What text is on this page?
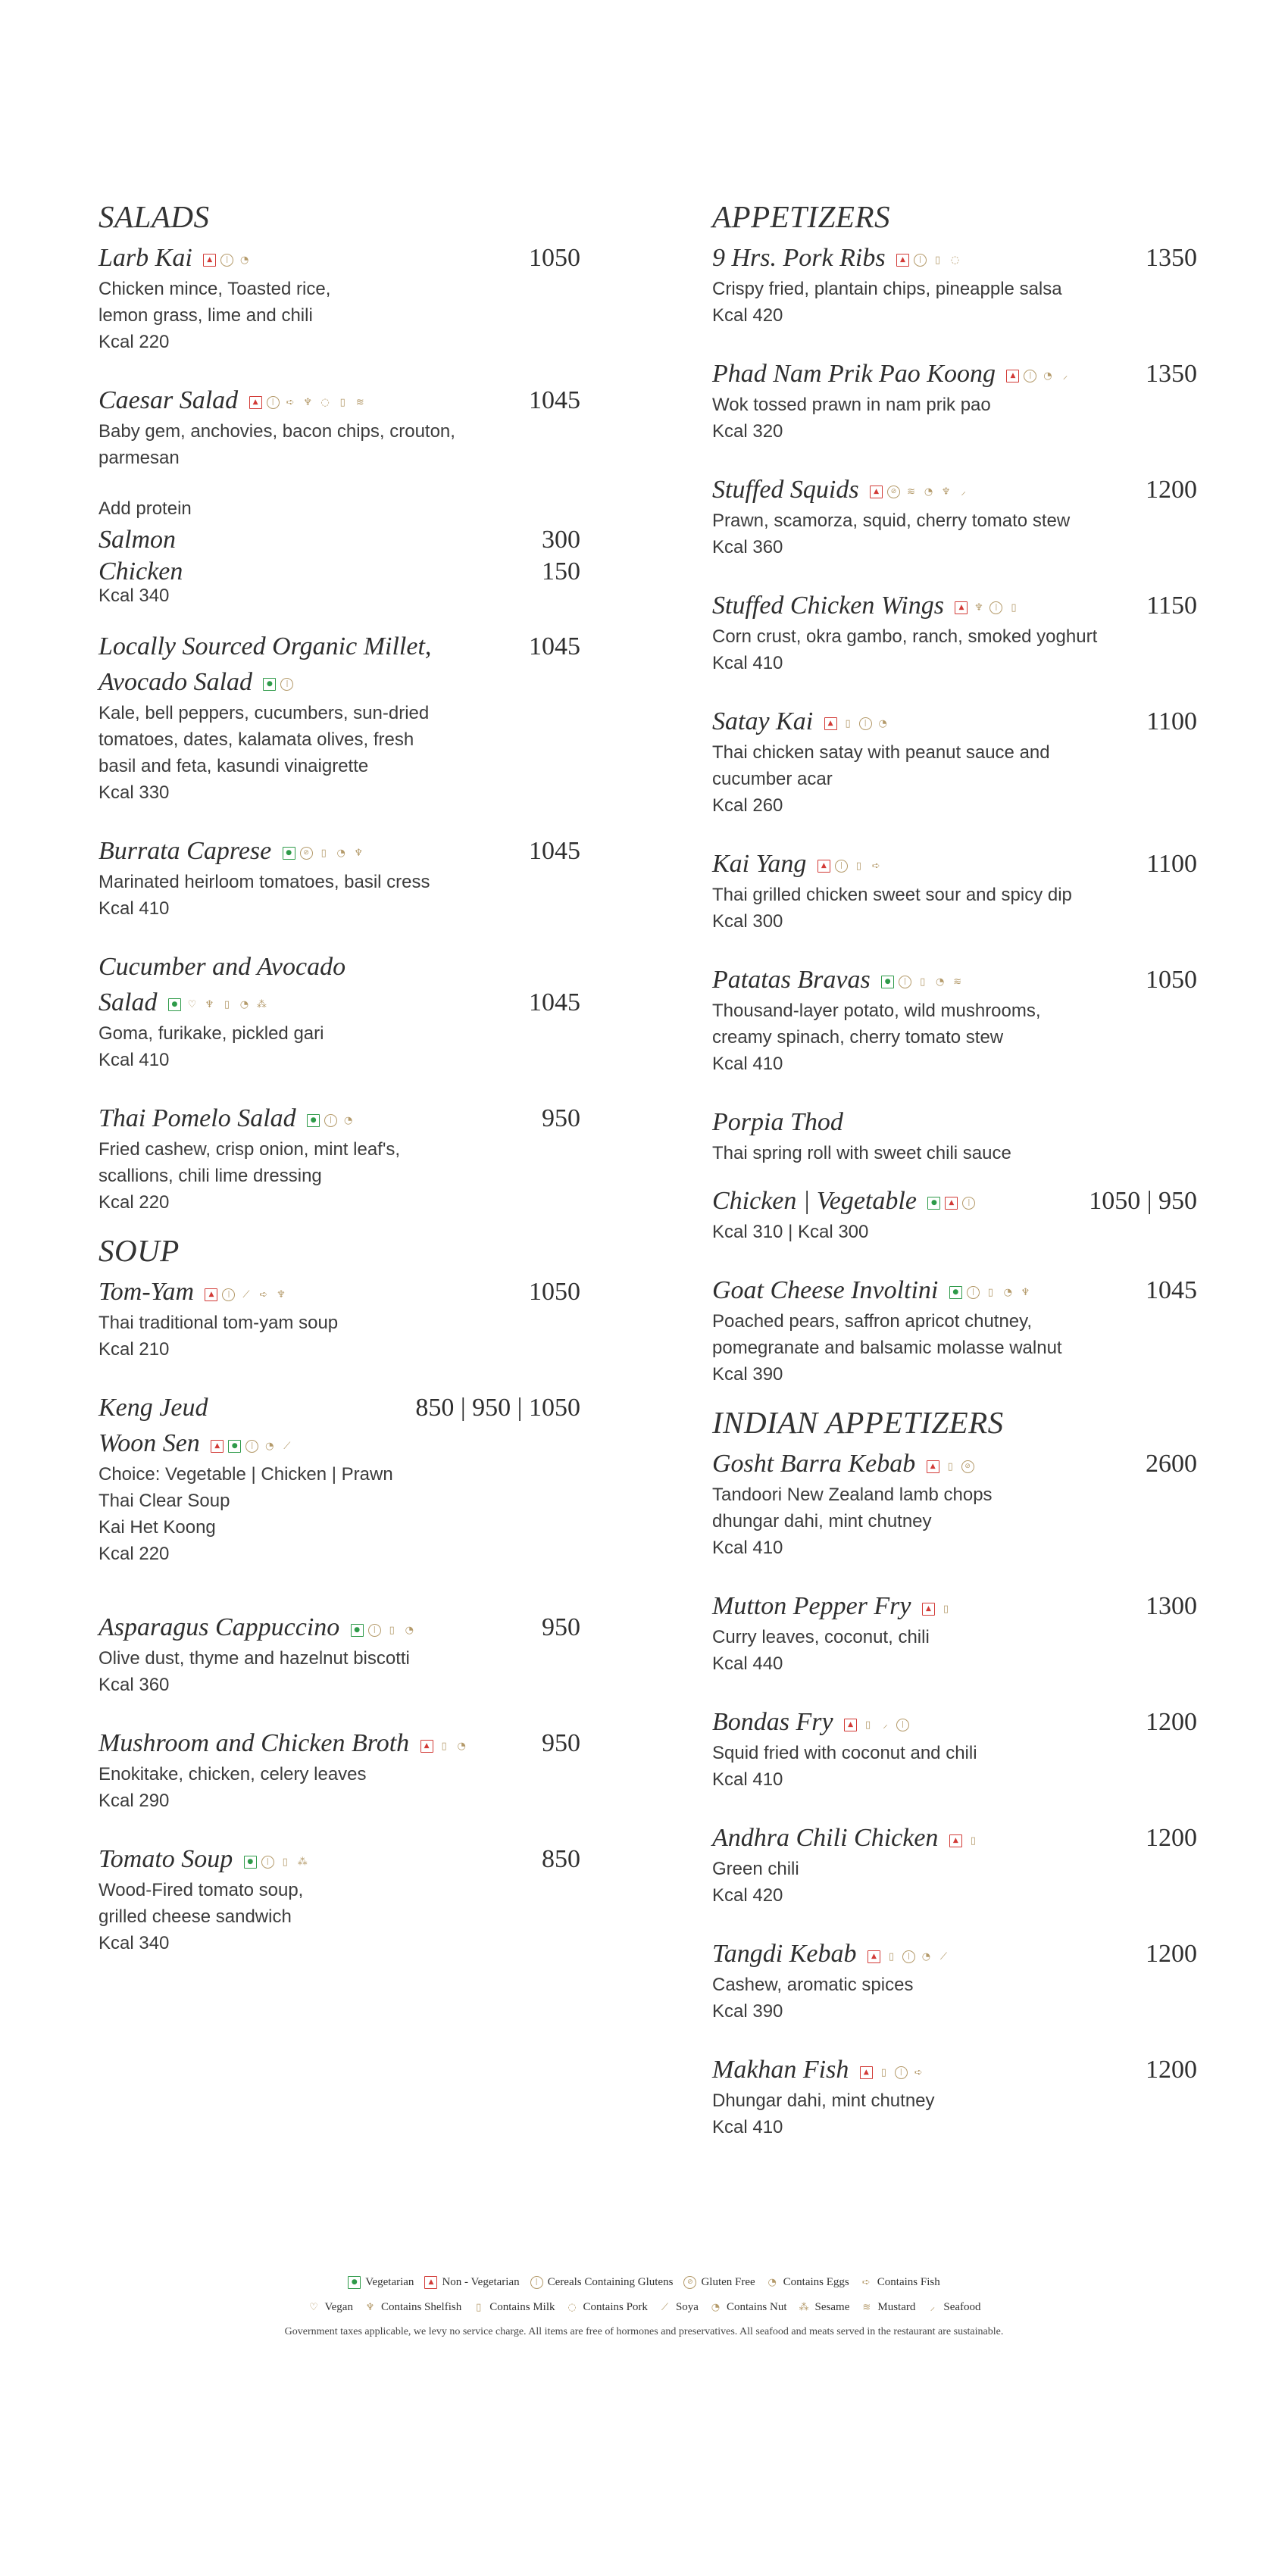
SALADS
Larb Kai	▲	❘	◔	1050
Chicken mince, Toasted rice,
lemon grass, lime and chili
Kcal 220
Caesar Salad	▲	❘	➪ ♆ ◌	▯	≋	1045
Baby gem, anchovies, bacon chips, crouton,
parmesan
Add protein
Salmon	300
Chicken	150
Kcal 340
Locally Sourced Organic Millet,
Avocado Salad	●	❘
1045
Kale, bell peppers, cucumbers, sun-dried
tomatoes, dates, kalamata olives, fresh
basil and feta, kasundi vinaigrette
Kcal 330
Burrata Caprese	●	⊘	▯	◔ ♆	1045
Marinated heirloom tomatoes, basil cress
Kcal 410
Cucumber and Avocado
Salad	●	♡ ♆	▯	◔ ⁂	1045
Goma, furikake, pickled gari
Kcal 410
Thai Pomelo Salad	●	❘	◔	950
Fried cashew, crisp onion, mint leaf's,
scallions, chili lime dressing
Kcal 220
SOUP
Tom-Yam	▲	❘	⟋	➪ ♆	1050
Thai traditional tom-yam soup
Kcal 210
Keng Jeud	850 | 950 | 1050
Woon Sen	▲	●	❘	◔ ⟋
Choice: Vegetable | Chicken | Prawn
Thai Clear Soup
Kai Het Koong
Kcal 220
Asparagus Cappuccino	●	❘	▯	◔	950
Olive dust, thyme and hazelnut biscotti
Kcal 360
Mushroom and Chicken Broth	▲	▯	◔	950
Enokitake, chicken, celery leaves
Kcal 290
Tomato Soup	●	❘	▯ ⁂	850
Wood-Fired tomato soup,
grilled cheese sandwich
Kcal 340
APPETIZERS
9 Hrs. Pork Ribs	▲	❘	▯	◌	1350
Crispy fried, plantain chips, pineapple salsa
Kcal 420
Phad Nam Prik Pao Koong	▲	❘	◔	⸝	1350
Wok tossed prawn in nam prik pao
Kcal 320
Stuffed Squids	▲	⊘	≋ ◔ ♆	⸝	1200
Prawn, scamorza, squid, cherry tomato stew
Kcal 360
Stuffed Chicken Wings	▲	♆	❘	▯	1150
Corn crust, okra gambo, ranch, smoked yoghurt
Kcal 410
Satay Kai	▲	▯	❘	◔	1100
Thai chicken satay with peanut sauce and
cucumber acar
Kcal 260
Kai Yang	▲	❘	▯	➪	1100
Thai grilled chicken sweet sour and spicy dip
Kcal 300
Patatas Bravas	●	❘	▯	◔ ≋	1050
Thousand-layer potato, wild mushrooms,
creamy spinach, cherry tomato stew
Kcal 410
Porpia Thod
Thai spring roll with sweet chili sauce
Chicken | Vegetable	●	▲	❘	1050 | 950
Kcal 310 | Kcal 300
Goat Cheese Involtini	●	❘	▯	◔ ♆	1045
Poached pears, saffron apricot chutney,
pomegranate and balsamic molasse walnut
Kcal 390
INDIAN APPETIZERS
Gosht Barra Kebab	▲	▯	⊘	2600
Tandoori New Zealand lamb chops
dhungar dahi, mint chutney
Kcal 410
Mutton Pepper Fry	▲	▯	1300
Curry leaves, coconut, chili
Kcal 440
Bondas Fry	▲	▯	⸝	❘	1200
Squid fried with coconut and chili
Kcal 410
Andhra Chili Chicken	▲	▯	1200
Green chili
Kcal 420
Tangdi Kebab	▲	▯	❘	◔ ⟋	1200
Cashew, aromatic spices
Kcal 390
Makhan Fish	▲	▯	❘	➪	1200
Dhungar dahi, mint chutney
Kcal 410
● Vegetarian	▲ Non - Vegetarian	❘ Cereals Containing Glutens	⊘ Gluten Free ◔ Contains Eggs ➪ Contains Fish
♡ Vegan ♆ Contains Shelfish	▯ Contains Milk ◌ Contains Pork	⟋ Soya ◔ Contains Nut ⁂ Sesame ≋ Mustard	⸝ Seafood
Government taxes applicable, we levy no service charge. All items are free of hormones and preservatives. All seafood and meats served in the restaurant are sustainable.
